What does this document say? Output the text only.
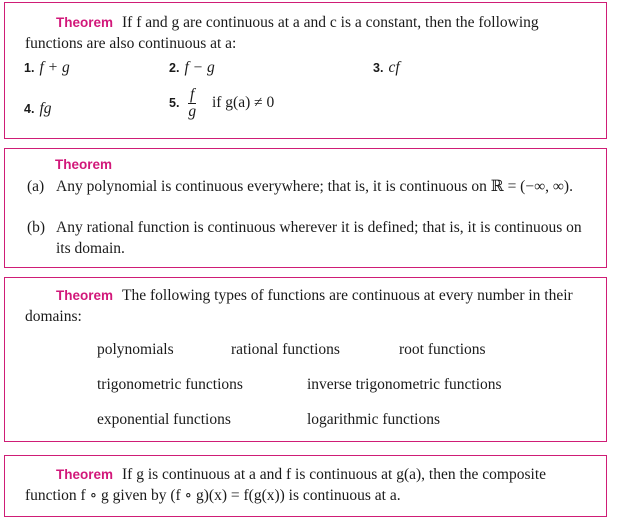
Theorem If f and g are continuous at a and c is a constant, then the following functions are also continuous at a:
1. f + g	2. f − g	3. cf
4. fg	5. $\frac{f}{g}$ if g(a) ≠ 0
Theorem
(a) Any polynomial is continuous everywhere; that is, it is continuous on ℝ = (−∞, ∞).
(b) Any rational function is continuous wherever it is defined; that is, it is continuous on its domain.
Theorem The following types of functions are continuous at every number in their domains:
polynomials	rational functions	root functions
trigonometric functions	inverse trigonometric functions
exponential functions	logarithmic functions
Theorem If g is continuous at a and f is continuous at g(a), then the composite function f ∘ g given by (f ∘ g)(x) = f(g(x)) is continuous at a.
